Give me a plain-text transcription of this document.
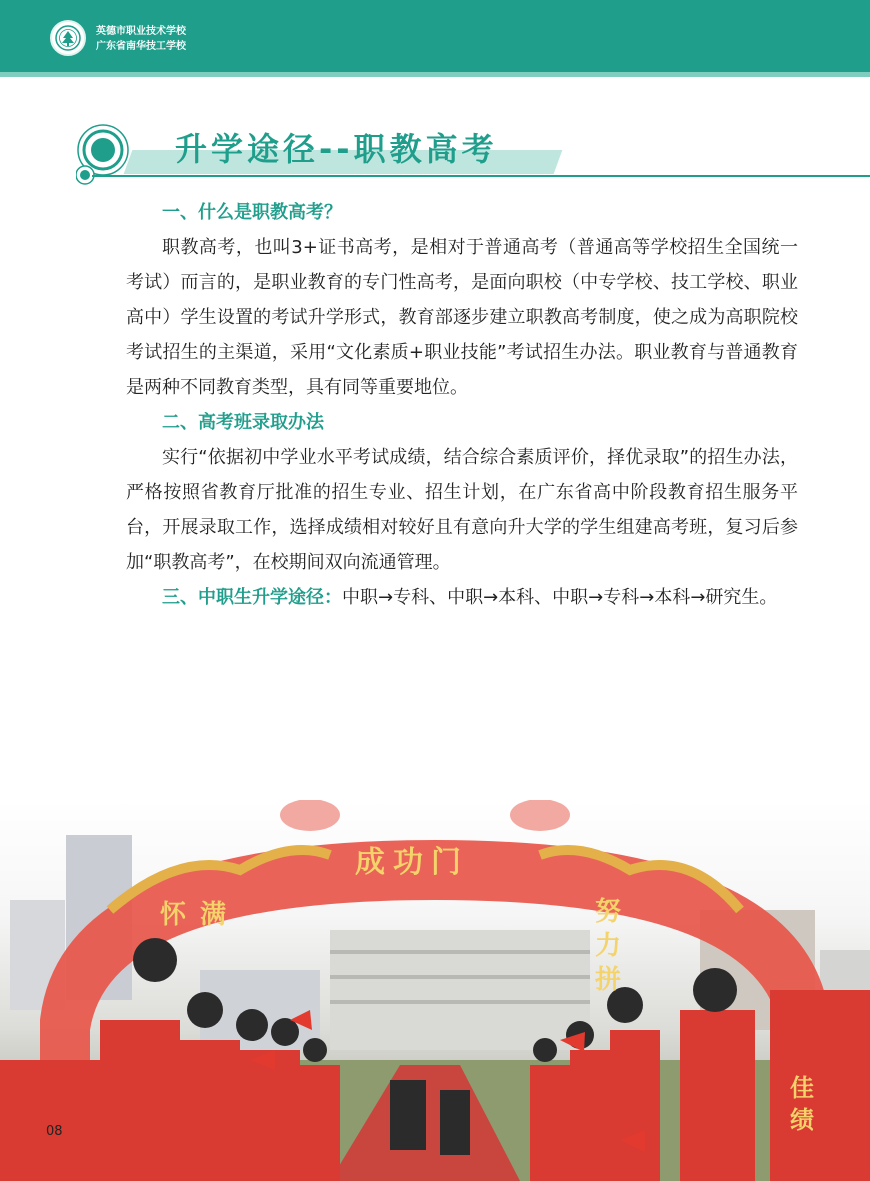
英德市职业技术学校
广东省南华技工学校
升学途径--职教高考

一、什么是职教高考？

职教高考，也叫3+证书高考，是相对于普通高考（普通高等学校招生全国统一考试）而言的，是职业教育的专门性高考，是面向职校（中专学校、技工学校、职业高中）学生设置的考试升学形式，教育部逐步建立职教高考制度，使之成为高职院校考试招生的主渠道，采用“文化素质+职业技能”考试招生办法。职业教育与普通教育是两种不同教育类型，具有同等重要地位。

二、高考班录取办法

实行“依据初中学业水平考试成绩，结合综合素质评价，择优录取”的招生办法，严格按照省教育厅批准的招生专业、招生计划，在广东省高中阶段教育招生服务平台，开展录取工作，选择成绩相对较好且有意向升大学的学生组建高考班，复习后参加“职教高考”，在校期间双向流通管理。

三、中职生升学途径：中职→专科、中职→本科、中职→专科→本科→研究生。

成功门
怀满	努力拼
佳绩
08
